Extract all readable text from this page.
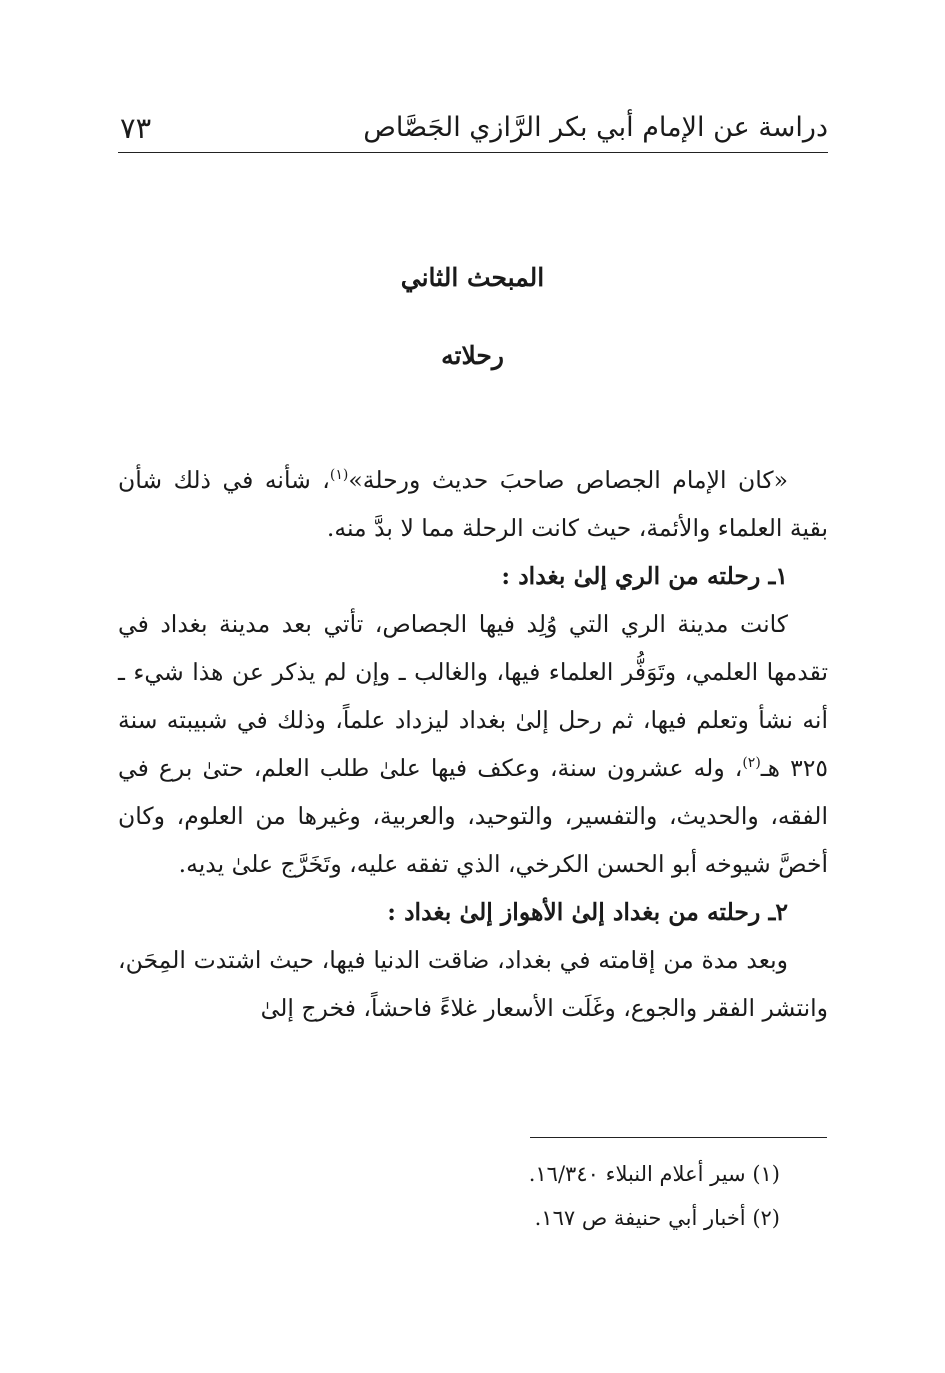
دراسة عن الإمام أبي بكر الرَّازي الجَصَّاص
٧٣
المبحث الثاني
رحلاته

«كان الإمام الجصاص صاحبَ حديث ورحلة»$^{(١)}$، شأنه في ذلك شأن بقية العلماء والأئمة، حيث كانت الرحلة مما لا بدَّ منه.

١ـ رحلته من الري إلىٰ بغداد :

كانت مدينة الري التي وُلِد فيها الجصاص، تأتي بعد مدينة بغداد في تقدمها العلمي، وتَوَفُّر العلماء فيها، والغالب ـ وإن لم يذكر عن هذا شيء ـ أنه نشأ وتعلم فيها، ثم رحل إلىٰ بغداد ليزداد علماً، وذلك في شبيبته سنة ٣٢٥ هـ$^{(٢)}$، وله عشرون سنة، وعكف فيها علىٰ طلب العلم، حتىٰ برع في الفقه، والحديث، والتفسير، والتوحيد، والعربية، وغيرها من العلوم، وكان أخصَّ شيوخه أبو الحسن الكرخي، الذي تفقه عليه، وتَخَرَّج علىٰ يديه.

٢ـ رحلته من بغداد إلىٰ الأهواز إلىٰ بغداد :

وبعد مدة من إقامته في بغداد، ضاقت الدنيا فيها، حيث اشتدت المِحَن، وانتشر الفقر والجوع، وغَلَت الأسعار غلاءً فاحشاً، فخرج إلىٰ

(١) سير أعلام النبلاء ١٦/٣٤٠.

(٢) أخبار أبي حنيفة ص ١٦٧.
